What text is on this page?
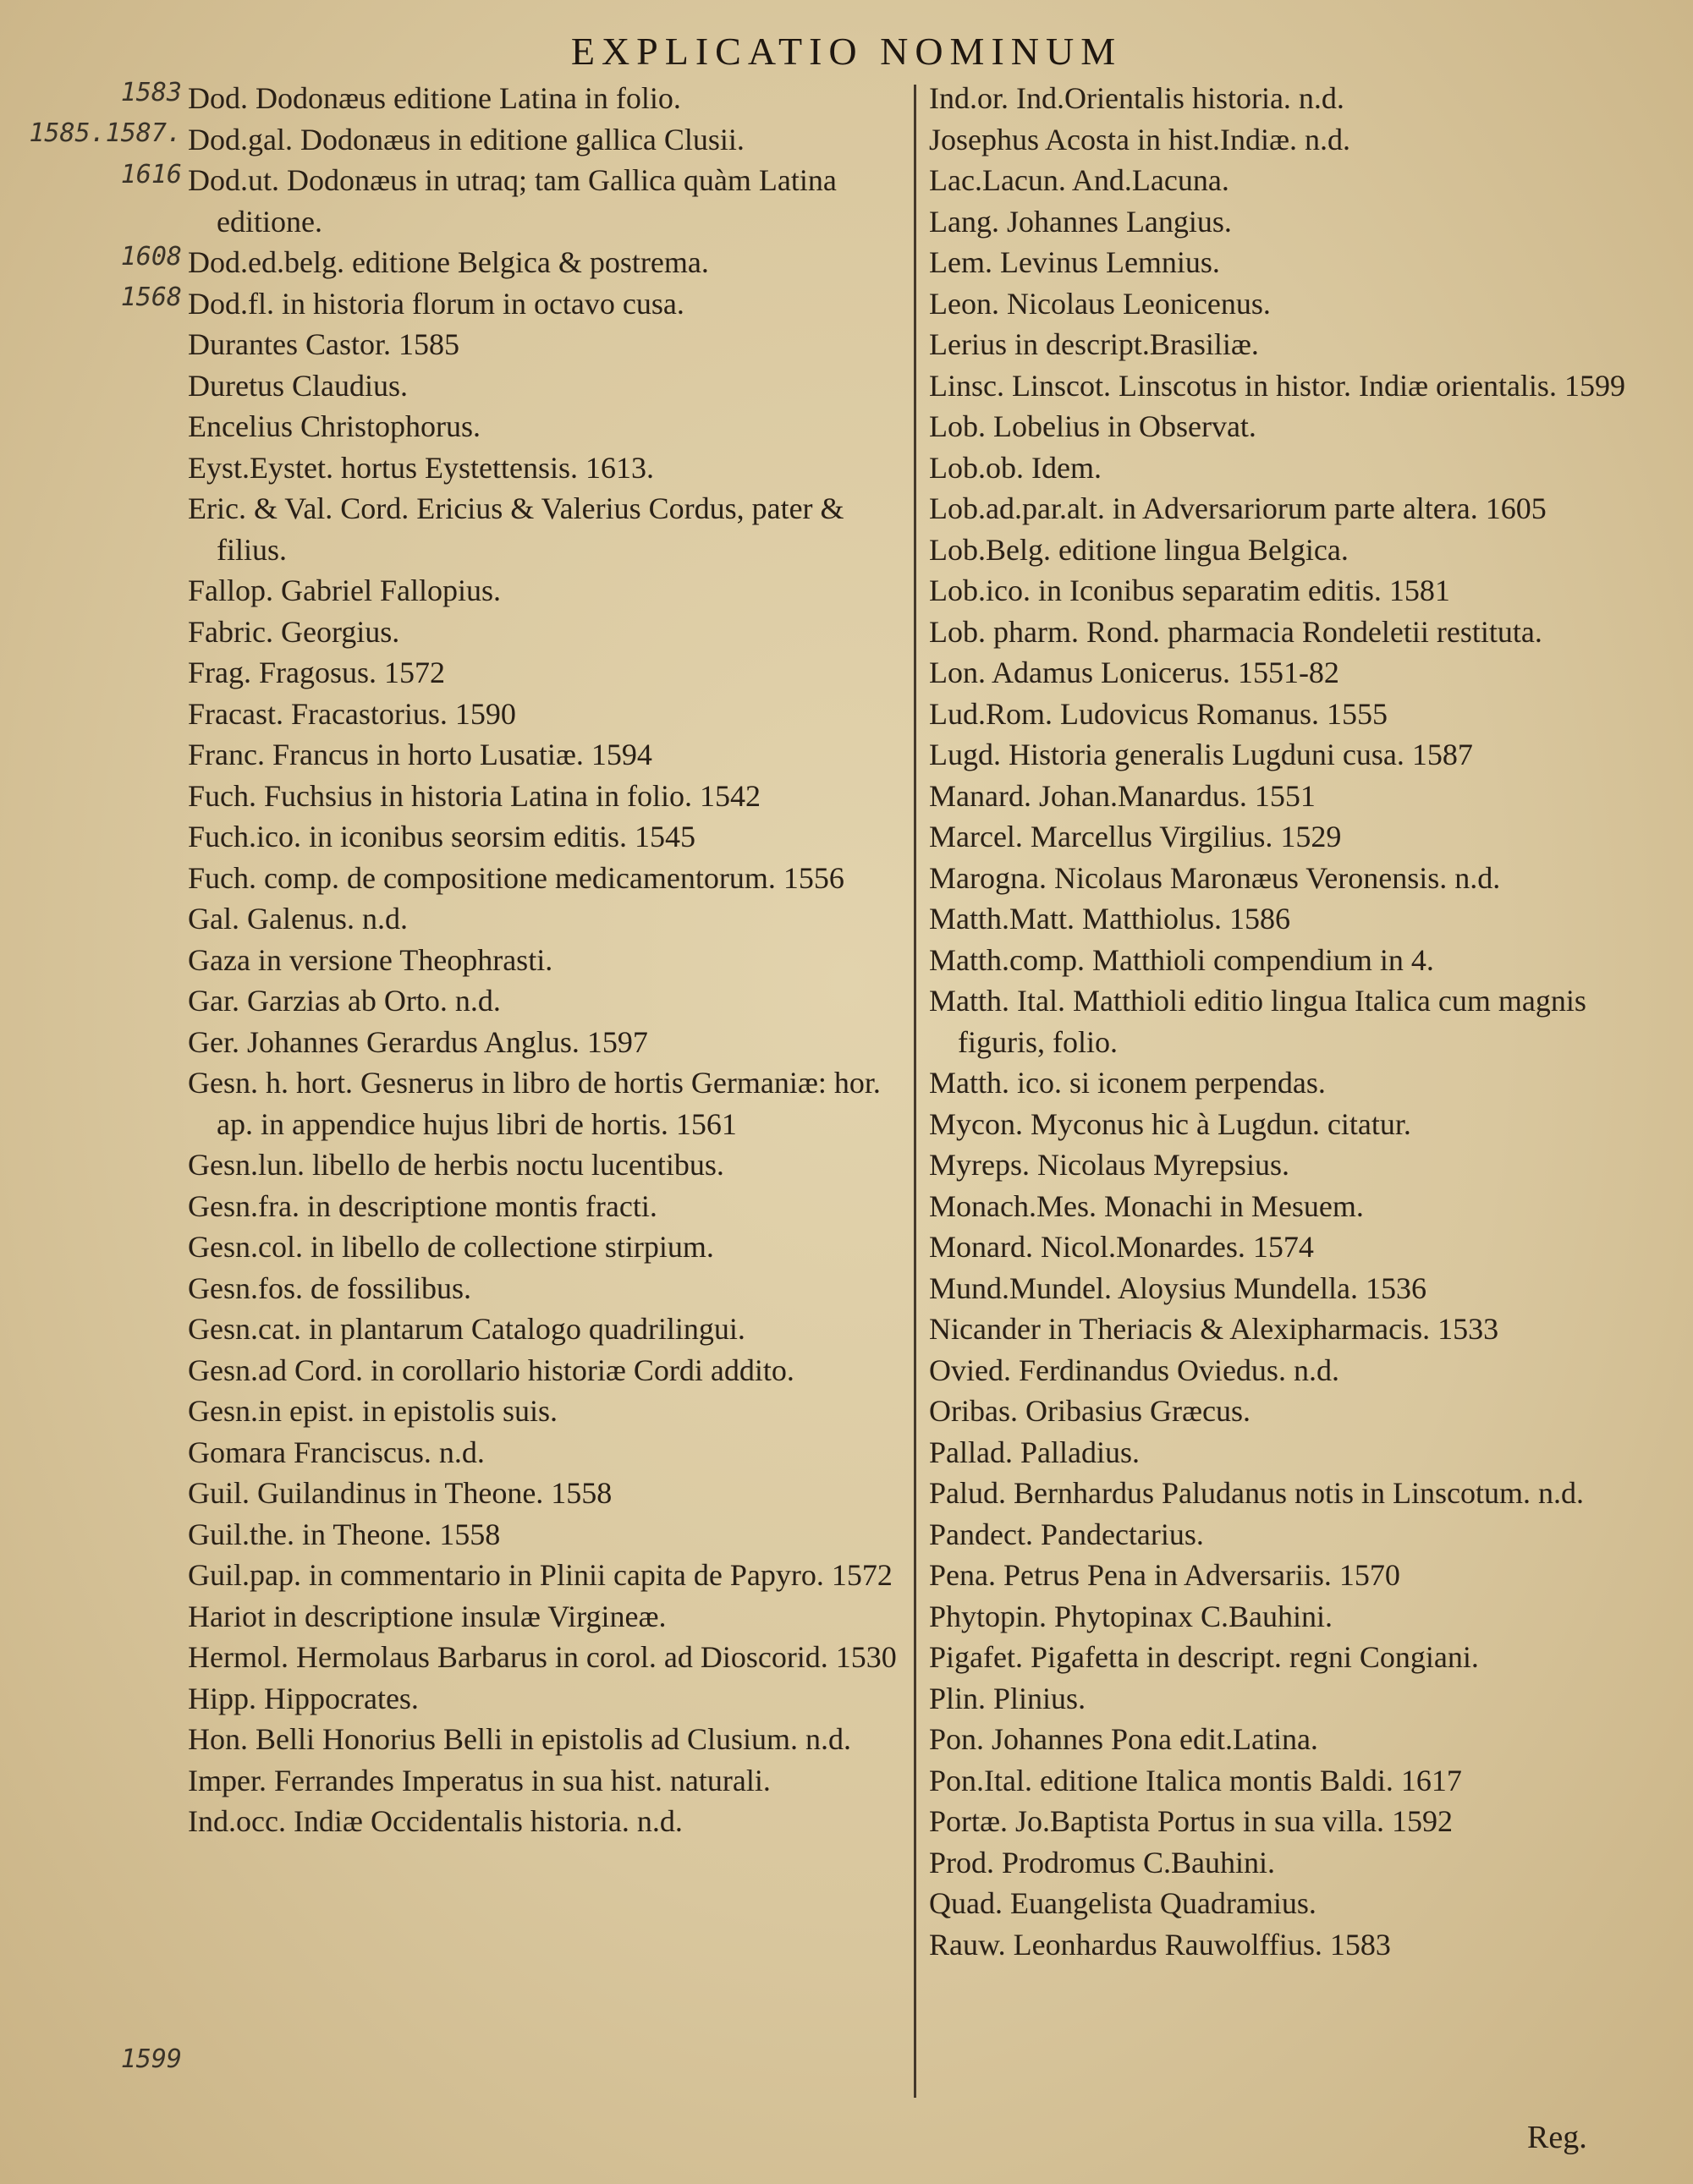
EXPLICATIO NOMINUM
1583
1585.1587.
1616
1608
1568
1599
Dod. Dodonæus editione Latina in folio.
Dod.gal. Dodonæus in editione gallica Clusii.
Dod.ut. Dodonæus in utraq; tam Gallica quàm Latina editione.
Dod.ed.belg. editione Belgica & postrema.
Dod.fl. in historia florum in octavo cusa.
Durantes Castor. 1585
Duretus Claudius.
Encelius Christophorus.
Eyst.Eystet. hortus Eystettensis. 1613.
Eric. & Val. Cord. Ericius & Valerius Cordus, pater & filius.
Fallop. Gabriel Fallopius.
Fabric. Georgius.
Frag. Fragosus. 1572
Fracast. Fracastorius. 1590
Franc. Francus in horto Lusatiæ. 1594
Fuch. Fuchsius in historia Latina in folio. 1542
Fuch.ico. in iconibus seorsim editis. 1545
Fuch. comp. de compositione medicamentorum. 1556
Gal. Galenus. n.d.
Gaza in versione Theophrasti.
Gar. Garzias ab Orto. n.d.
Ger. Johannes Gerardus Anglus. 1597
Gesn. h. hort. Gesnerus in libro de hortis Germaniæ: hor. ap. in appendice hujus libri de hortis. 1561
Gesn.lun. libello de herbis noctu lucentibus.
Gesn.fra. in descriptione montis fracti.
Gesn.col. in libello de collectione stirpium.
Gesn.fos. de fossilibus.
Gesn.cat. in plantarum Catalogo quadrilingui.
Gesn.ad Cord. in corollario historiæ Cordi addito.
Gesn.in epist. in epistolis suis.
Gomara Franciscus. n.d.
Guil. Guilandinus in Theone. 1558
Guil.the. in Theone. 1558
Guil.pap. in commentario in Plinii capita de Papyro. 1572
Hariot in descriptione insulæ Virgineæ.
Hermol. Hermolaus Barbarus in corol. ad Dioscorid. 1530
Hipp. Hippocrates.
Hon. Belli Honorius Belli in epistolis ad Clusium. n.d.
Imper. Ferrandes Imperatus in sua hist. naturali.
Ind.occ. Indiæ Occidentalis historia. n.d.
Ind.or. Ind.Orientalis historia. n.d.
Josephus Acosta in hist.Indiæ. n.d.
Lac.Lacun. And.Lacuna.
Lang. Johannes Langius.
Lem. Levinus Lemnius.
Leon. Nicolaus Leonicenus.
Lerius in descript.Brasiliæ.
Linsc. Linscot. Linscotus in histor. Indiæ orientalis. 1599
Lob. Lobelius in Observat.
Lob.ob. Idem.
Lob.ad.par.alt. in Adversariorum parte altera. 1605
Lob.Belg. editione lingua Belgica.
Lob.ico. in Iconibus separatim editis. 1581
Lob. pharm. Rond. pharmacia Rondeletii restituta.
Lon. Adamus Lonicerus. 1551-82
Lud.Rom. Ludovicus Romanus. 1555
Lugd. Historia generalis Lugduni cusa. 1587
Manard. Johan.Manardus. 1551
Marcel. Marcellus Virgilius. 1529
Marogna. Nicolaus Maronæus Veronensis. n.d.
Matth.Matt. Matthiolus. 1586
Matth.comp. Matthioli compendium in 4.
Matth. Ital. Matthioli editio lingua Italica cum magnis figuris, folio.
Matth. ico. si iconem perpendas.
Mycon. Myconus hic à Lugdun. citatur.
Myreps. Nicolaus Myrepsius.
Monach.Mes. Monachi in Mesuem.
Monard. Nicol.Monardes. 1574
Mund.Mundel. Aloysius Mundella. 1536
Nicander in Theriacis & Alexipharmacis. 1533
Ovied. Ferdinandus Oviedus. n.d.
Oribas. Oribasius Græcus.
Pallad. Palladius.
Palud. Bernhardus Paludanus notis in Linscotum. n.d.
Pandect. Pandectarius.
Pena. Petrus Pena in Adversariis. 1570
Phytopin. Phytopinax C.Bauhini.
Pigafet. Pigafetta in descript. regni Congiani.
Plin. Plinius.
Pon. Johannes Pona edit.Latina.
Pon.Ital. editione Italica montis Baldi. 1617
Portæ. Jo.Baptista Portus in sua villa. 1592
Prod. Prodromus C.Bauhini.
Quad. Euangelista Quadramius.
Rauw. Leonhardus Rauwolffius. 1583
Reg.
